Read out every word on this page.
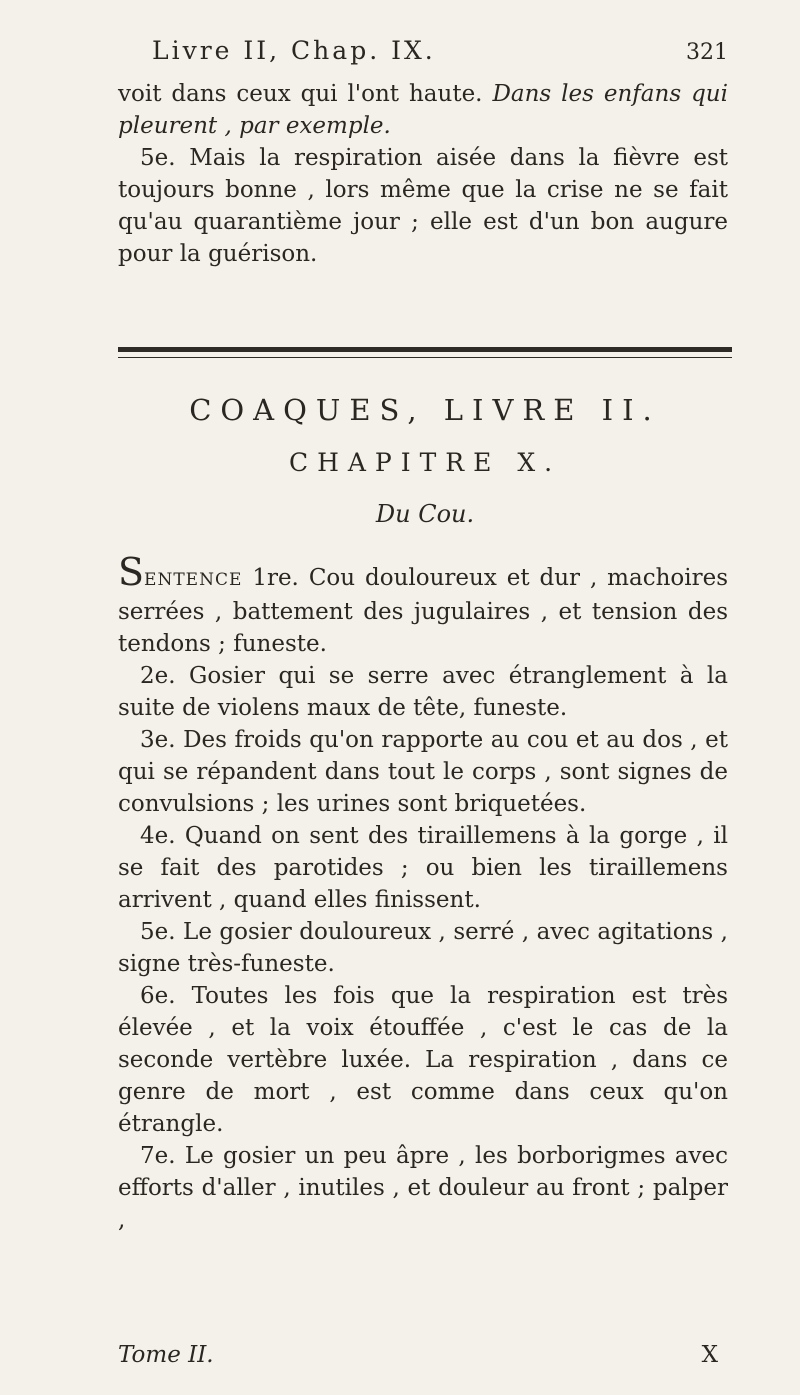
Livre II, Chap. IX.	321

voit dans ceux qui l'ont haute. Dans les enfans qui pleurent , par exemple.

5e. Mais la respiration aisée dans la fièvre est toujours bonne , lors même que la crise ne se fait qu'au quarantième jour ; elle est d'un bon augure pour la guérison.

COAQUES, LIVRE II.
CHAPITRE X.
Du Cou.

SENTENCE 1re. Cou douloureux et dur , machoires serrées , battement des jugulaires , et tension des tendons ; funeste.

2e. Gosier qui se serre avec étranglement à la suite de violens maux de tête, funeste.

3e. Des froids qu'on rapporte au cou et au dos , et qui se répandent dans tout le corps , sont signes de convulsions ; les urines sont briquetées.

4e. Quand on sent des tiraillemens à la gorge , il se fait des parotides ; ou bien les tiraillemens arrivent , quand elles finissent.

5e. Le gosier douloureux , serré , avec agitations , signe très-funeste.

6e. Toutes les fois que la respiration est très élevée , et la voix étouffée , c'est le cas de la seconde vertèbre luxée. La respiration , dans ce genre de mort , est comme dans ceux qu'on étrangle.

7e. Le gosier un peu âpre , les borborigmes avec efforts d'aller , inutiles , et douleur au front ; palper ,

Tome II.	X
